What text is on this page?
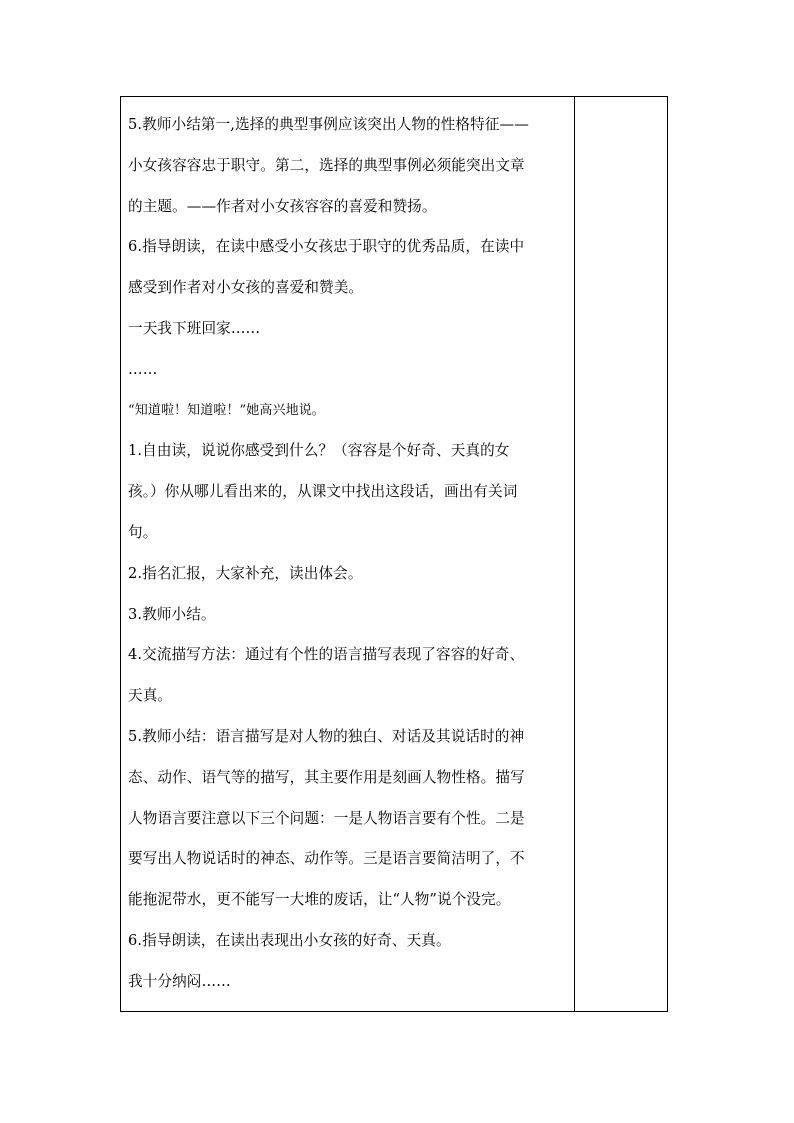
5.教师小结第一,选择的典型事例应该突出人物的性格特征——
小女孩容容忠于职守。第二，选择的典型事例必须能突出文章
的主题。——作者对小女孩容容的喜爱和赞扬。
6.指导朗读，在读中感受小女孩忠于职守的优秀品质，在读中
感受到作者对小女孩的喜爱和赞美。
一天我下班回家……
……
“知道啦！知道啦！”她高兴地说。
1.自由读，说说你感受到什么？（容容是个好奇、天真的女
孩。）你从哪儿看出来的，从课文中找出这段话，画出有关词
句。
2.指名汇报，大家补充，读出体会。
3.教师小结。
4.交流描写方法：通过有个性的语言描写表现了容容的好奇、
天真。
5.教师小结：语言描写是对人物的独白、对话及其说话时的神
态、动作、语气等的描写，其主要作用是刻画人物性格。描写
人物语言要注意以下三个问题：一是人物语言要有个性。二是
要写出人物说话时的神态、动作等。三是语言要简洁明了，不
能拖泥带水，更不能写一大堆的废话，让“人物”说个没完。
6.指导朗读，在读出表现出小女孩的好奇、天真。
我十分纳闷……
